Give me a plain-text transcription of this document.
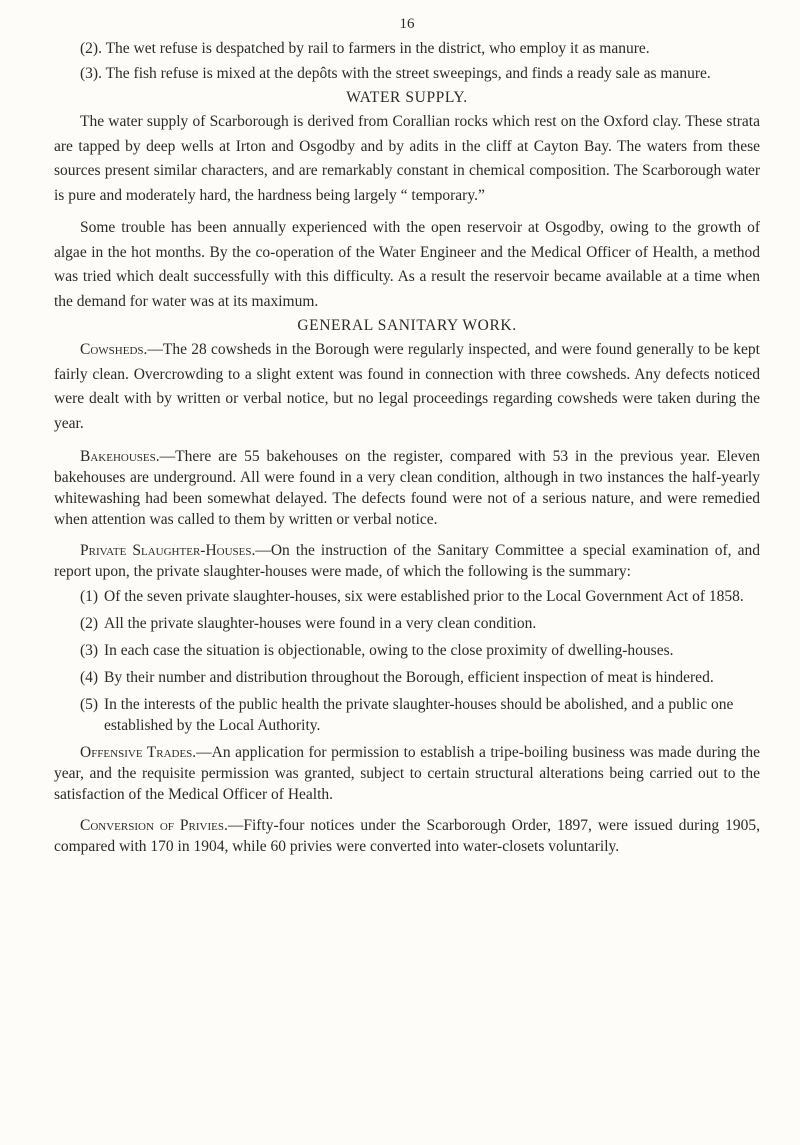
16

(2). The wet refuse is despatched by rail to farmers in the district, who employ it as manure.

(3). The fish refuse is mixed at the depôts with the street sweepings, and finds a ready sale as manure.

WATER SUPPLY.

The water supply of Scarborough is derived from Corallian rocks which rest on the Oxford clay. These strata are tapped by deep wells at Irton and Osgodby and by adits in the cliff at Cayton Bay. The waters from these sources present similar characters, and are remarkably constant in chemical composition. The Scarborough water is pure and moderately hard, the hardness being largely “ temporary.”

Some trouble has been annually experienced with the open reservoir at Osgodby, owing to the growth of algae in the hot months. By the co-operation of the Water Engineer and the Medical Officer of Health, a method was tried which dealt successfully with this difficulty. As a result the reservoir became available at a time when the demand for water was at its maximum.

GENERAL SANITARY WORK.

Cowsheds.—The 28 cowsheds in the Borough were regularly inspected, and were found generally to be kept fairly clean. Overcrowding to a slight extent was found in connection with three cowsheds. Any defects noticed were dealt with by written or verbal notice, but no legal proceedings regarding cowsheds were taken during the year.

Bakehouses.—There are 55 bakehouses on the register, compared with 53 in the previous year. Eleven bakehouses are underground. All were found in a very clean condition, although in two instances the half-yearly whitewashing had been somewhat delayed. The defects found were not of a serious nature, and were remedied when attention was called to them by written or verbal notice.

Private Slaughter-Houses.—On the instruction of the Sanitary Committee a special examination of, and report upon, the private slaughter-houses were made, of which the following is the summary:

(1) Of the seven private slaughter-houses, six were established prior to the Local Government Act of 1858.
(2) All the private slaughter-houses were found in a very clean condition.
(3) In each case the situation is objectionable, owing to the close proximity of dwelling-houses.
(4) By their number and distribution throughout the Borough, efficient inspection of meat is hindered.
(5) In the interests of the public health the private slaughter-houses should be abolished, and a public one established by the Local Authority.

Offensive Trades.—An application for permission to establish a tripe-boiling business was made during the year, and the requisite permission was granted, subject to certain structural alterations being carried out to the satisfaction of the Medical Officer of Health.

Conversion of Privies.—Fifty-four notices under the Scarborough Order, 1897, were issued during 1905, compared with 170 in 1904, while 60 privies were converted into water-closets voluntarily.
